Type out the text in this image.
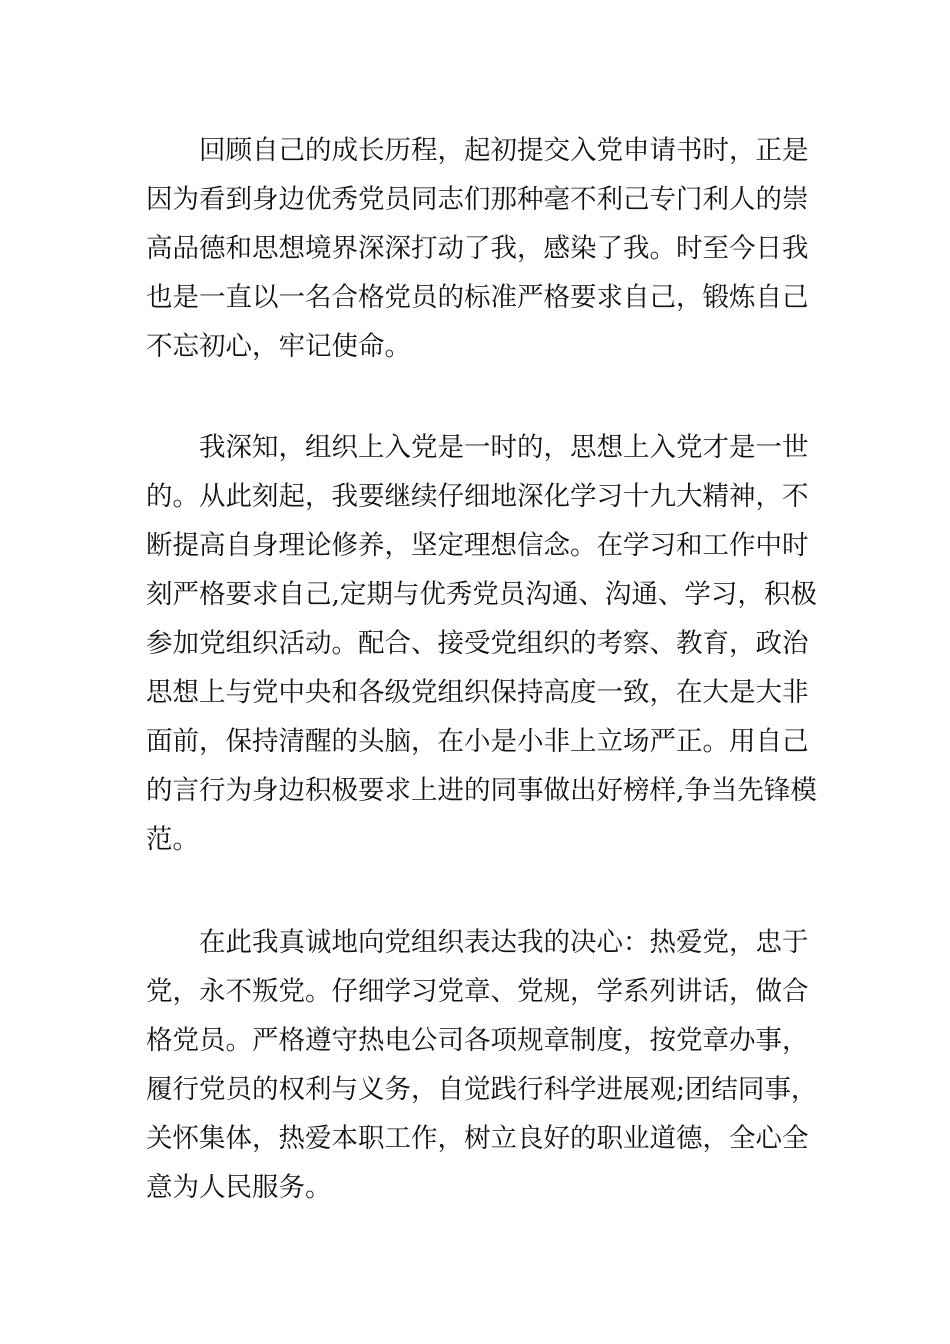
回顾自己的成长历程，起初提交入党申请书时，正是
因为看到身边优秀党员同志们那种毫不利己专门利人的崇
高品德和思想境界深深打动了我，感染了我。时至今日我
也是一直以一名合格党员的标准严格要求自己，锻炼自己
不忘初心，牢记使命。
我深知，组织上入党是一时的，思想上入党才是一世
的。从此刻起，我要继续仔细地深化学习十九大精神，不
断提高自身理论修养，坚定理想信念。在学习和工作中时
刻严格要求自己,定期与优秀党员沟通、沟通、学习，积极
参加党组织活动。配合、接受党组织的考察、教育，政治
思想上与党中央和各级党组织保持高度一致，在大是大非
面前，保持清醒的头脑，在小是小非上立场严正。用自己
的言行为身边积极要求上进的同事做出好榜样,争当先锋模
范。
在此我真诚地向党组织表达我的决心：热爱党，忠于
党，永不叛党。仔细学习党章、党规，学系列讲话，做合
格党员。严格遵守热电公司各项规章制度，按党章办事，
履行党员的权利与义务，自觉践行科学进展观;团结同事，
关怀集体，热爱本职工作，树立良好的职业道德，全心全
意为人民服务。
